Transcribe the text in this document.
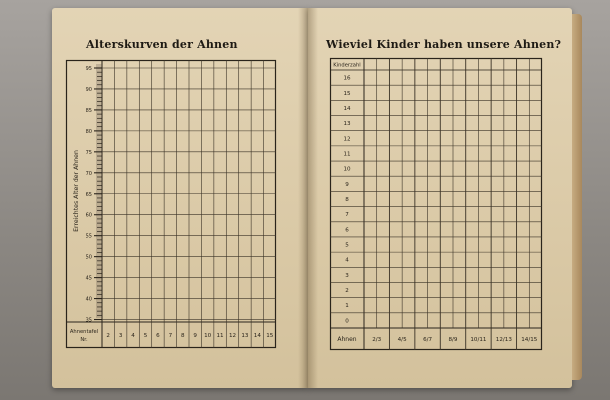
Alterskurven der Ahnen
95
90
85
80
75
70
65
60
55
50
45
40
35
Erreichtes Alter der Ahnen
Ahnentafel
Nr.
2 3 4 5 6 7 8 9 10 11 12 13 14 15
Wieviel Kinder haben unsere Ahnen?
Kinderzahl
16
15
14
13
12
11
10
9
8
7
6
5
4
3
2
1
0
Ahnen	2/3	4/5	6/7	8/9 10/11 12/13 14/15
